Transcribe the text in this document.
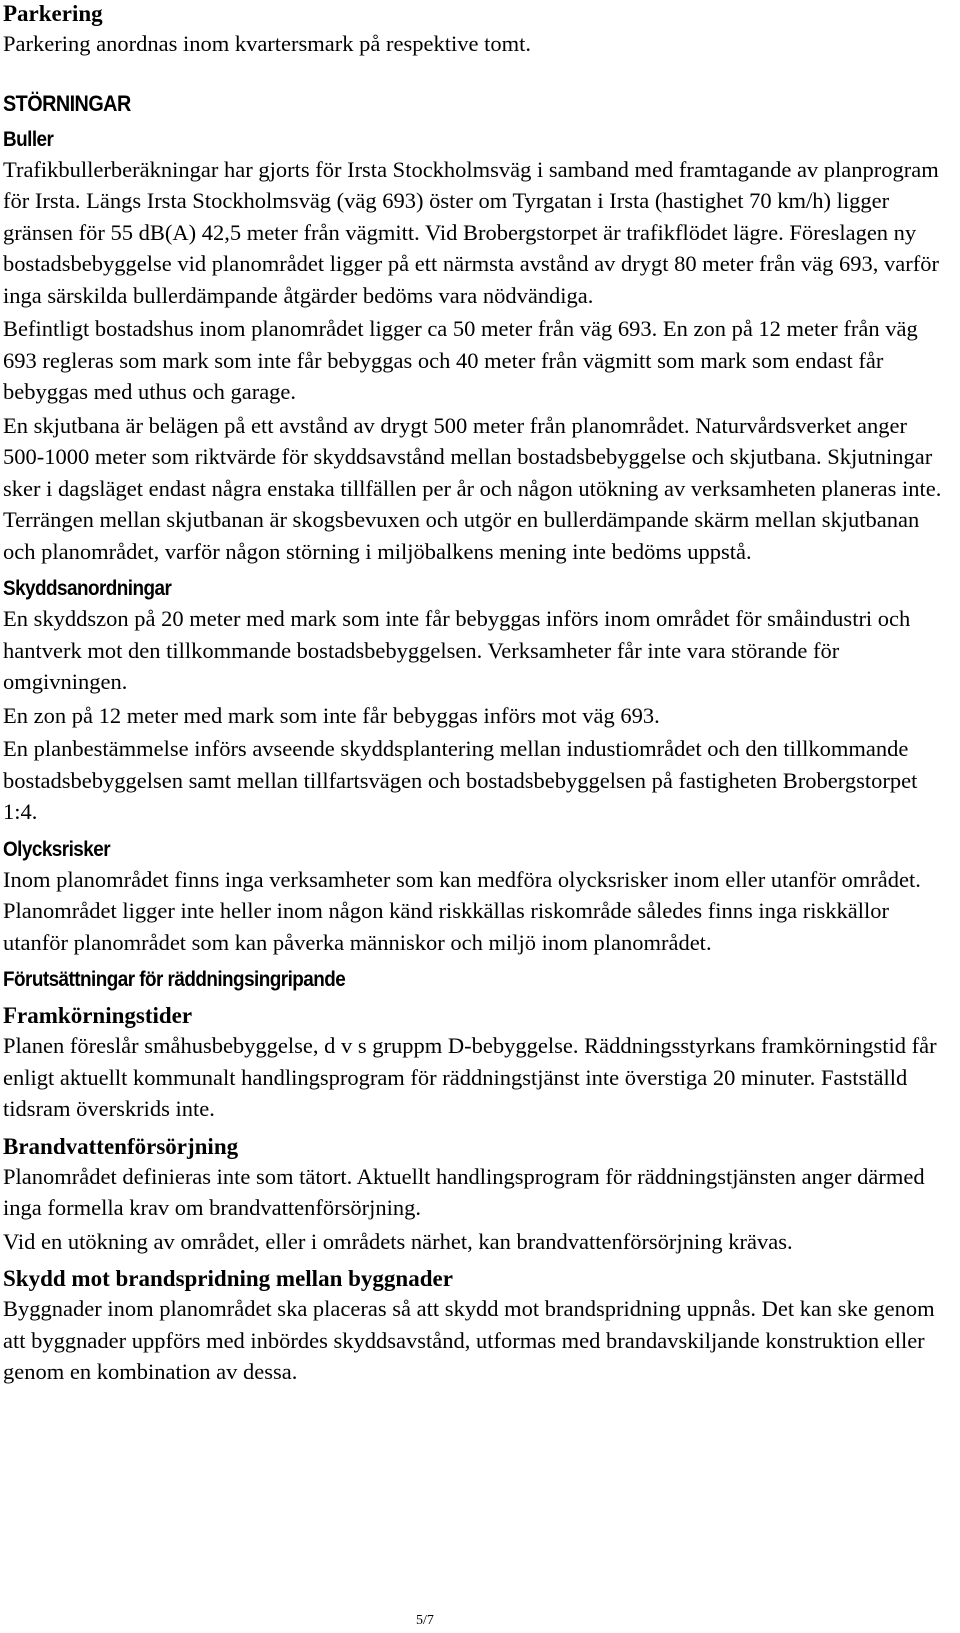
Parkering

Parkering anordnas inom kvartersmark på respektive tomt.

STÖRNINGAR
Buller

Trafikbullerberäkningar har gjorts för Irsta Stockholmsväg i samband med framtagande av planprogram för Irsta. Längs Irsta Stockholmsväg (väg 693) öster om Tyrgatan i Irsta (hastighet 70 km/h) ligger gränsen för 55 dB(A) 42,5 meter från vägmitt. Vid Brobergstorpet är trafikflödet lägre. Föreslagen ny bostadsbebyggelse vid planområdet ligger på ett närmsta avstånd av drygt 80 meter från väg 693, varför inga särskilda bullerdämpande åtgärder bedöms vara nödvändiga.

Befintligt bostadshus inom planområdet ligger ca 50 meter från väg 693. En zon på 12 meter från väg 693 regleras som mark som inte får bebyggas och 40 meter från vägmitt som mark som endast får bebyggas med uthus och garage.

En skjutbana är belägen på ett avstånd av drygt 500 meter från planområdet. Naturvårdsverket anger 500-1000 meter som riktvärde för skyddsavstånd mellan bostadsbebyggelse och skjutbana. Skjutningar sker i dagsläget endast några enstaka tillfällen per år och någon utökning av verksamheten planeras inte. Terrängen mellan skjutbanan är skogsbevuxen och utgör en bullerdämpande skärm mellan skjutbanan och planområdet, varför någon störning i miljöbalkens mening inte bedöms uppstå.

Skyddsanordningar

En skyddszon på 20 meter med mark som inte får bebyggas införs inom området för småindustri och hantverk mot den tillkommande bostadsbebyggelsen. Verksamheter får inte vara störande för omgivningen.

En zon på 12 meter med mark som inte får bebyggas införs mot väg 693.

En planbestämmelse införs avseende skyddsplantering mellan industiområdet och den tillkommande bostadsbebyggelsen samt mellan tillfartsvägen och bostadsbebyggelsen på fastigheten Brobergstorpet 1:4.

Olycksrisker

Inom planområdet finns inga verksamheter som kan medföra olycksrisker inom eller utanför området. Planområdet ligger inte heller inom någon känd riskkällas riskområde således finns inga riskkällor utanför planområdet som kan påverka människor och miljö inom planområdet.

Förutsättningar för räddningsingripande
Framkörningstider

Planen föreslår småhusbebyggelse, d v s gruppm D-bebyggelse. Räddningsstyrkans framkörningstid får enligt aktuellt kommunalt handlingsprogram för räddningstjänst inte överstiga 20 minuter. Fastställd tidsram överskrids inte.

Brandvattenförsörjning

Planområdet definieras inte som tätort. Aktuellt handlingsprogram för räddningstjänsten anger därmed inga formella krav om brandvattenförsörjning.

Vid en utökning av området, eller i områdets närhet, kan brandvattenförsörjning krävas.

Skydd mot brandspridning mellan byggnader

Byggnader inom planområdet ska placeras så att skydd mot brandspridning uppnås. Det kan ske genom att byggnader uppförs med inbördes skyddsavstånd, utformas med brandavskiljande konstruktion eller genom en kombination av dessa.

5/7
